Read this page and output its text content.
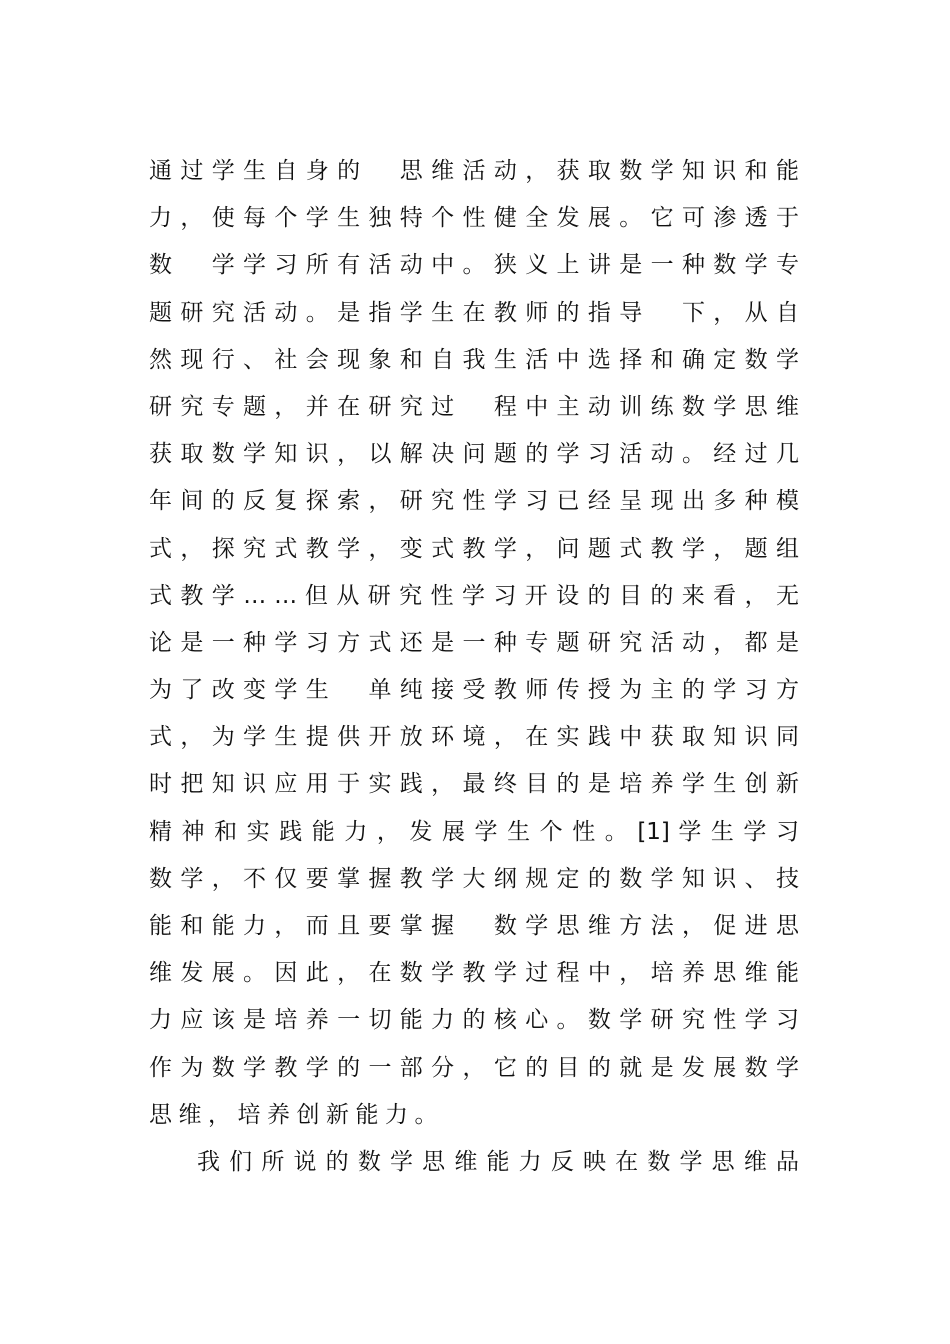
通 过 学 生 自 身 的 　 思 维 活 动 ， 获 取 数 学 知 识 和 能
力 ， 使 每 个 学 生 独 特 个 性 健 全 发 展 。 它 可 渗 透 于
数 　 学 学 习 所 有 活 动 中 。 狭 义 上 讲 是 一 种 数 学 专
题 研 究 活 动 。 是 指 学 生 在 教 师 的 指 导 　 下 ， 从 自
然 现 行 、 社 会 现 象 和 自 我 生 活 中 选 择 和 确 定 数 学
研 究 专 题 ， 并 在 研 究 过 　 程 中 主 动 训 练 数 学 思 维
获 取 数 学 知 识 ， 以 解 决 问 题 的 学 习 活 动 。 经 过 几
年 间 的 反 复 探 索 ， 研 究 性 学 习 已 经 呈 现 出 多 种 模
式 ， 探 究 式 教 学 ， 变 式 教 学 ， 问 题 式 教 学 ， 题 组
式 教 学 … … 但 从 研 究 性 学 习 开 设 的 目 的 来 看 ， 无
论 是 一 种 学 习 方 式 还 是 一 种 专 题 研 究 活 动 ， 都 是
为 了 改 变 学 生 　 单 纯 接 受 教 师 传 授 为 主 的 学 习 方
式 ， 为 学 生 提 供 开 放 环 境 ， 在 实 践 中 获 取 知 识 同
时 把 知 识 应 用 于 实 践 ， 最 终 目 的 是 培 养 学 生 创 新
精 神 和 实 践 能 力 ， 发 展 学 生 个 性 。 [1] 学 生 学 习
数 学 ， 不 仅 要 掌 握 教 学 大 纲 规 定 的 数 学 知 识 、 技
能 和 能 力 ， 而 且 要 掌 握 　 数 学 思 维 方 法 ， 促 进 思
维 发 展 。 因 此 ， 在 数 学 教 学 过 程 中 ， 培 养 思 维 能
力 应 该 是 培 养 一 切 能 力 的 核 心 。 数 学 研 究 性 学 习
作 为 数 学 教 学 的 一 部 分 ， 它 的 目 的 就 是 发 展 数 学
思维，培养创新能力。
我 们 所 说 的 数 学 思 维 能 力 反 映 在 数 学 思 维 品
